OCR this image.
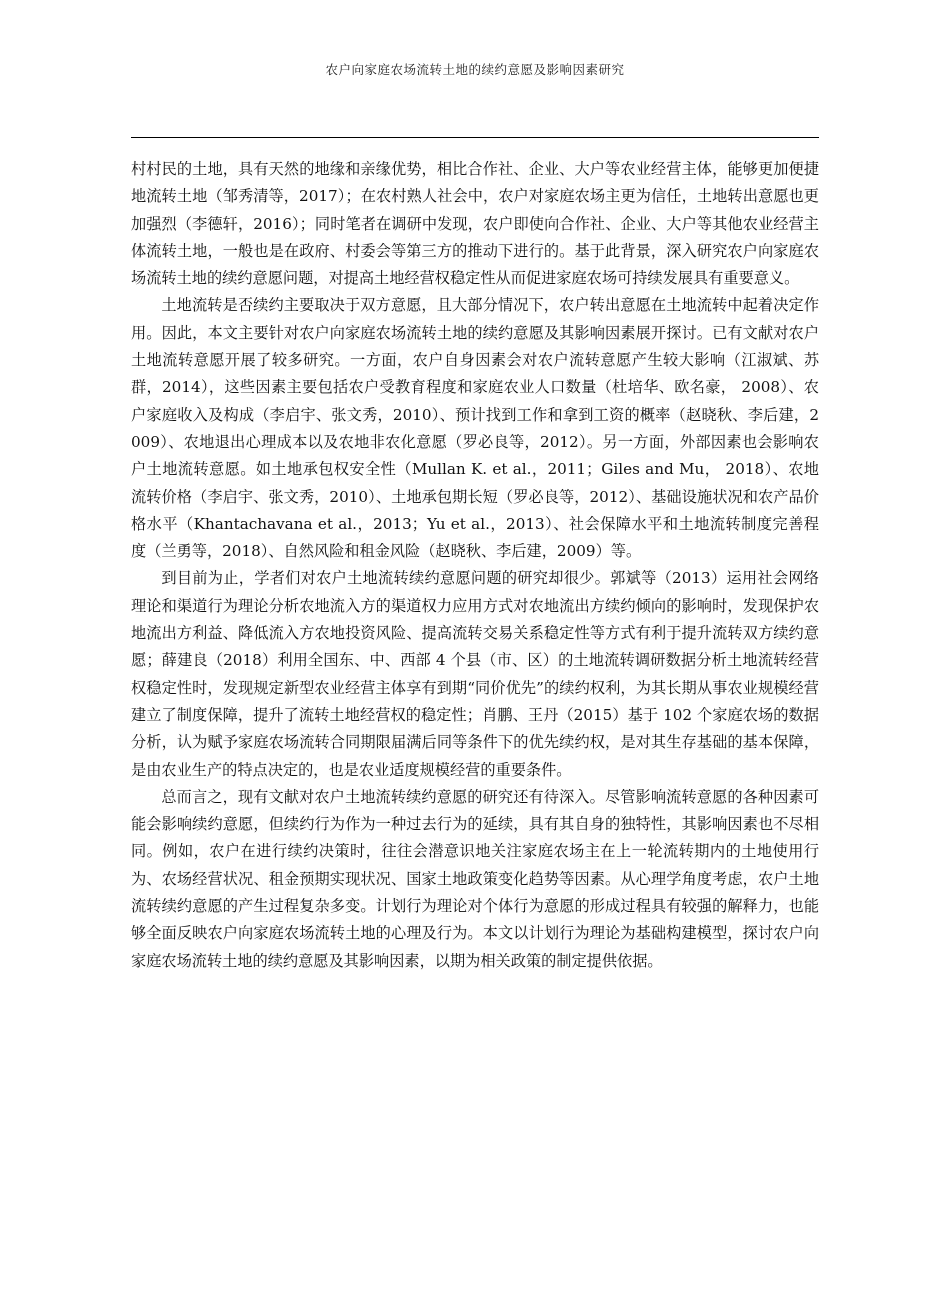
农户向家庭农场流转土地的续约意愿及影响因素研究

村村民的土地，具有天然的地缘和亲缘优势，相比合作社、企业、大户等农业经营主体，能够更加便捷地流转土地（邹秀清等，2017）；在农村熟人社会中，农户对家庭农场主更为信任，土地转出意愿也更加强烈（李德轩，2016）；同时笔者在调研中发现，农户即使向合作社、企业、大户等其他农业经营主体流转土地，一般也是在政府、村委会等第三方的推动下进行的。基于此背景，深入研究农户向家庭农场流转土地的续约意愿问题，对提高土地经营权稳定性从而促进家庭农场可持续发展具有重要意义。

土地流转是否续约主要取决于双方意愿，且大部分情况下，农户转出意愿在土地流转中起着决定作用。因此，本文主要针对农户向家庭农场流转土地的续约意愿及其影响因素展开探讨。已有文献对农户土地流转意愿开展了较多研究。一方面，农户自身因素会对农户流转意愿产生较大影响（江淑斌、苏群，2014），这些因素主要包括农户受教育程度和家庭农业人口数量（杜培华、欧名豪， 2008）、农户家庭收入及构成（李启宇、张文秀，2010）、预计找到工作和拿到工资的概率（赵晓秋、李后建，2009）、农地退出心理成本以及农地非农化意愿（罗必良等，2012）。另一方面，外部因素也会影响农户土地流转意愿。如土地承包权安全性（Mullan K. et al.，2011；Giles and Mu， 2018）、农地流转价格（李启宇、张文秀，2010）、土地承包期长短（罗必良等，2012）、基础设施状况和农产品价格水平（Khantachavana et al.，2013；Yu et al.，2013）、社会保障水平和土地流转制度完善程度（兰勇等，2018）、自然风险和租金风险（赵晓秋、李后建，2009）等。

到目前为止，学者们对农户土地流转续约意愿问题的研究却很少。郭斌等（2013）运用社会网络理论和渠道行为理论分析农地流入方的渠道权力应用方式对农地流出方续约倾向的影响时，发现保护农地流出方利益、降低流入方农地投资风险、提高流转交易关系稳定性等方式有利于提升流转双方续约意愿；薛建良（2018）利用全国东、中、西部 4 个县（市、区）的土地流转调研数据分析土地流转经营权稳定性时，发现规定新型农业经营主体享有到期“同价优先”的续约权利，为其长期从事农业规模经营建立了制度保障，提升了流转土地经营权的稳定性；肖鹏、王丹（2015）基于 102 个家庭农场的数据分析，认为赋予家庭农场流转合同期限届满后同等条件下的优先续约权，是对其生存基础的基本保障，是由农业生产的特点决定的，也是农业适度规模经营的重要条件。

总而言之，现有文献对农户土地流转续约意愿的研究还有待深入。尽管影响流转意愿的各种因素可能会影响续约意愿，但续约行为作为一种过去行为的延续，具有其自身的独特性，其影响因素也不尽相同。例如，农户在进行续约决策时，往往会潜意识地关注家庭农场主在上一轮流转期内的土地使用行为、农场经营状况、租金预期实现状况、国家土地政策变化趋势等因素。从心理学角度考虑，农户土地流转续约意愿的产生过程复杂多变。计划行为理论对个体行为意愿的形成过程具有较强的解释力，也能够全面反映农户向家庭农场流转土地的心理及行为。本文以计划行为理论为基础构建模型，探讨农户向家庭农场流转土地的续约意愿及其影响因素，以期为相关政策的制定提供依据。
